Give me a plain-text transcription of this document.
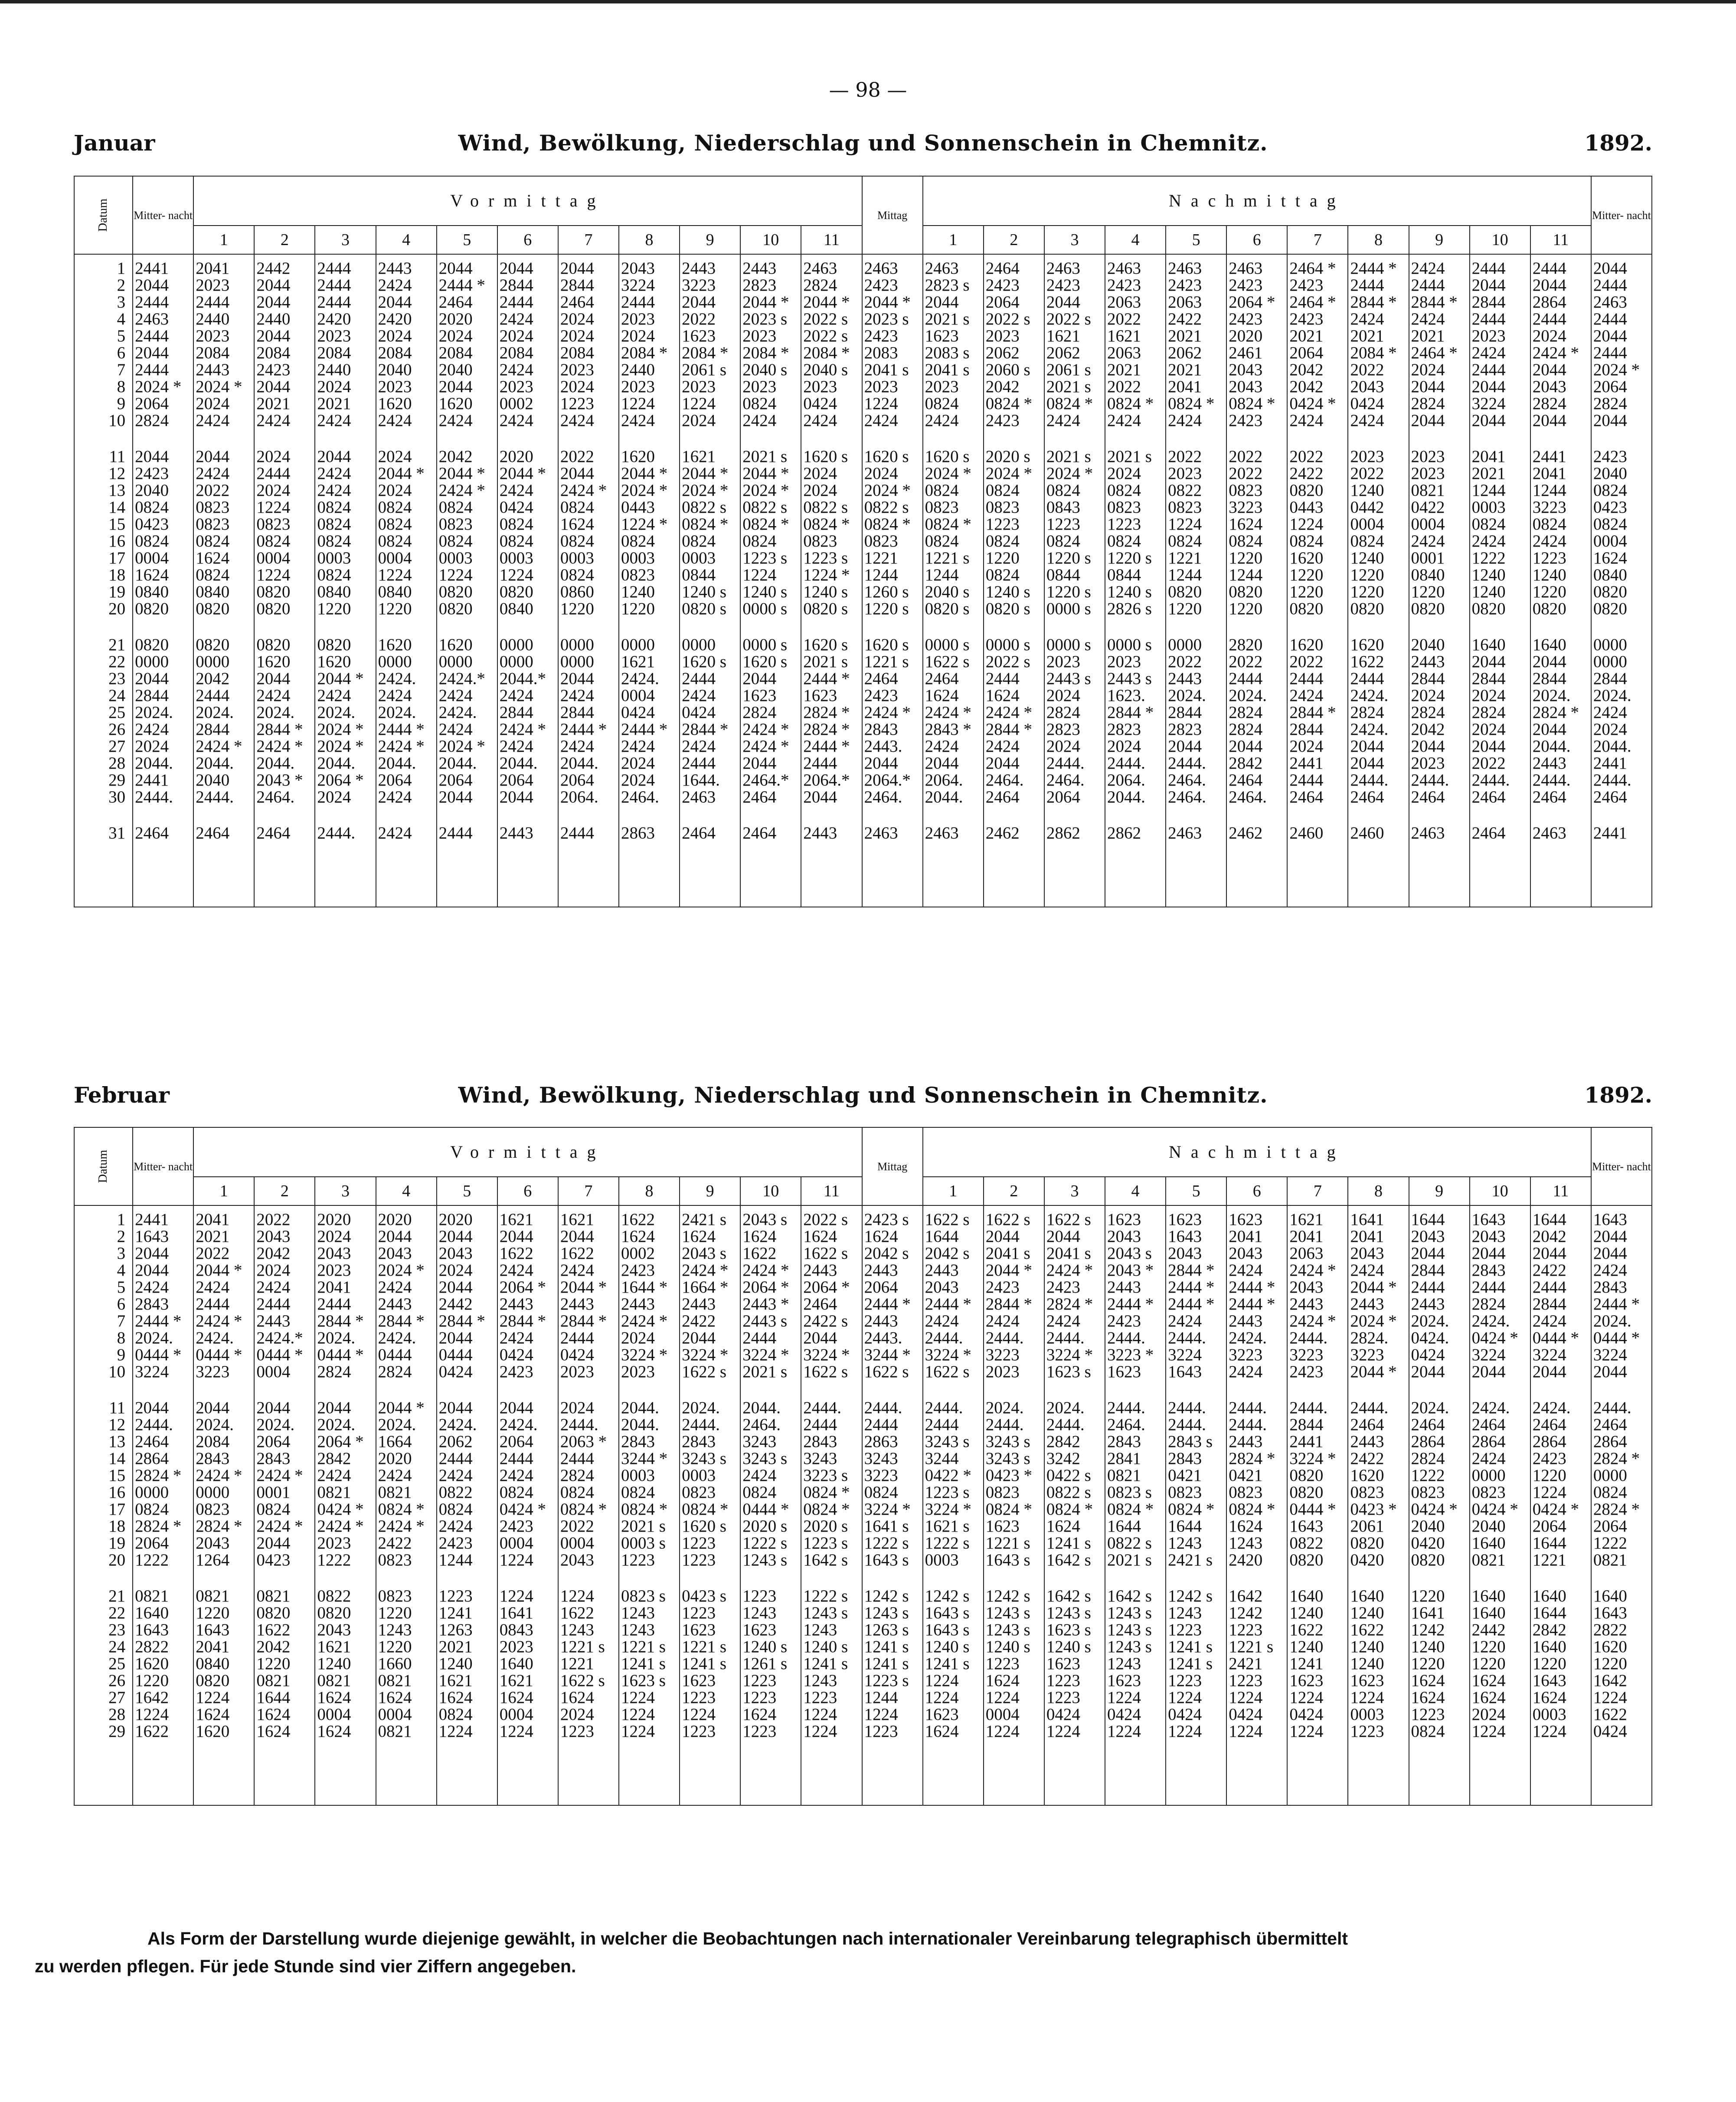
— 98 —
Januar	Wind, Bewölkung, Niederschlag und Sonnenschein in Chemnitz.	1892.
Datum	Mitter- nacht	Vormittag											Mittag	Nachmittag											Mitter- nacht
		1	2	3	4	5	6	7	8	9	10	11		1	2	3	4	5	6	7	8	9	10	11	
1	2441	2041	2442	2444	2443	2044	2044	2044	2043	2443	2443	2463	2463	2463	2464	2463	2463	2463	2463	2464 *	2444 *	2424	2444	2444	2044
2	2044	2023	2044	2444	2424	2444 *	2844	2844	3224	3223	2823	2824	2423	2823 s	2423	2423	2423	2423	2423	2423	2444	2444	2044	2044	2444
3	2444	2444	2044	2444	2044	2464	2444	2464	2444	2044	2044 *	2044 *	2044 *	2044	2064	2044	2063	2063	2064 *	2464 *	2844 *	2844 *	2844	2864	2463
4	2463	2440	2440	2420	2420	2020	2424	2024	2023	2022	2023 s	2022 s	2023 s	2021 s	2022 s	2022 s	2022	2422	2423	2423	2424	2424	2444	2444	2444
5	2444	2023	2044	2023	2024	2024	2024	2024	2024	1623	2023	2022 s	2423	1623	2023	1621	1621	2021	2020	2021	2021	2021	2023	2024	2044
6	2044	2084	2084	2084	2084	2084	2084	2084	2084 *	2084 *	2084 *	2084 *	2083	2083 s	2062	2062	2063	2062	2461	2064	2084 *	2464 *	2424	2424 *	2444
7	2444	2443	2423	2440	2040	2040	2424	2023	2440	2061 s	2040 s	2040 s	2041 s	2041 s	2060 s	2061 s	2021	2021	2043	2042	2022	2024	2444	2044	2024 *
8	2024 *	2024 *	2044	2024	2023	2044	2023	2024	2023	2023	2023	2023	2023	2023	2042	2021 s	2022	2041	2043	2042	2043	2044	2044	2043	2064
9	2064	2024	2021	2021	1620	1620	0002	1223	1224	1224	0824	0424	1224	0824	0824 *	0824 *	0824 *	0824 *	0824 *	0424 *	0424	2824	3224	2824	2824
10	2824	2424	2424	2424	2424	2424	2424	2424	2424	2024	2424	2424	2424	2424	2423	2424	2424	2424	2423	2424	2424	2044	2044	2044	2044

11	2044	2044	2024	2044	2024	2042	2020	2022	1620	1621	2021 s	1620 s	1620 s	1620 s	2020 s	2021 s	2021 s	2022	2022	2022	2023	2023	2041	2441	2423
12	2423	2424	2444	2424	2044 *	2044 *	2044 *	2044	2044 *	2044 *	2044 *	2024	2024	2024 *	2024 *	2024 *	2024	2023	2022	2422	2022	2023	2021	2041	2040
13	2040	2022	2024	2424	2024	2424 *	2424	2424 *	2024 *	2024 *	2024 *	2024	2024 *	0824	0824	0824	0824	0822	0823	0820	1240	0821	1244	1244	0824
14	0824	0823	1224	0824	0824	0824	0424	0824	0443	0822 s	0822 s	0822 s	0822 s	0823	0823	0843	0823	0823	3223	0443	0442	0422	0003	3223	0423
15	0423	0823	0823	0824	0824	0823	0824	1624	1224 *	0824 *	0824 *	0824 *	0824 *	0824 *	1223	1223	1223	1224	1624	1224	0004	0004	0824	0824	0824
16	0824	0824	0824	0824	0824	0824	0824	0824	0824	0824	0824	0823	0823	0824	0824	0824	0824	0824	0824	0824	0824	2424	2424	2424	0004
17	0004	1624	0004	0003	0004	0003	0003	0003	0003	0003	1223 s	1223 s	1221	1221 s	1220	1220 s	1220 s	1221	1220	1620	1240	0001	1222	1223	1624
18	1624	0824	1224	0824	1224	1224	1224	0824	0823	0844	1224	1224 *	1244	1244	0824	0844	0844	1244	1244	1220	1220	0840	1240	1240	0840
19	0840	0840	0820	0840	0840	0820	0820	0860	1240	1240 s	1240 s	1240 s	1260 s	2040 s	1240 s	1220 s	1240 s	0820	0820	1220	1220	1220	1240	1220	0820
20	0820	0820	0820	1220	1220	0820	0840	1220	1220	0820 s	0000 s	0820 s	1220 s	0820 s	0820 s	0000 s	2826 s	1220	1220	0820	0820	0820	0820	0820	0820

21	0820	0820	0820	0820	1620	1620	0000	0000	0000	0000	0000 s	1620 s	1620 s	0000 s	0000 s	0000 s	0000 s	0000	2820	1620	1620	2040	1640	1640	0000
22	0000	0000	1620	1620	0000	0000	0000	0000	1621	1620 s	1620 s	2021 s	1221 s	1622 s	2022 s	2023	2023	2022	2022	2022	1622	2443	2044	2044	0000
23	2044	2042	2044	2044 *	2424.	2424.*	2044.*	2044	2424.	2444	2044	2444 *	2464	2464	2444	2443 s	2443 s	2443	2444	2444	2444	2844	2844	2844	2844
24	2844	2444	2424	2424	2424	2424	2424	2424	0004	2424	1623	1623	2423	1624	1624	2024	1623.	2024.	2024.	2424	2424.	2024	2024	2024.	2024.
25	2024.	2024.	2024.	2024.	2024.	2424.	2844	2844	0424	0424	2824	2824 *	2424 *	2424 *	2424 *	2824	2844 *	2844	2824	2844 *	2824	2824	2824	2824 *	2424
26	2424	2844	2844 *	2024 *	2444 *	2424	2424 *	2444 *	2444 *	2844 *	2424 *	2824 *	2843	2843 *	2844 *	2823	2823	2823	2824	2844	2424.	2042	2024	2044	2024
27	2024	2424 *	2424 *	2024 *	2424 *	2024 *	2424	2424	2424	2424	2424 *	2444 *	2443.	2424	2424	2024	2024	2044	2044	2024	2044	2044	2044	2044.	2044.
28	2044.	2044.	2044.	2044.	2044.	2044.	2044.	2044.	2024	2444	2044	2444	2044	2044	2044	2444.	2444.	2444.	2842	2441	2044	2023	2022	2443	2441
29	2441	2040	2043 *	2064 *	2064	2064	2064	2064	2024	1644.	2464.*	2064.*	2064.*	2064.	2464.	2464.	2064.	2464.	2464	2444	2444.	2444.	2444.	2444.	2444.
30	2444.	2444.	2464.	2024	2424	2044	2044	2064.	2464.	2463	2464	2044	2464.	2044.	2464	2064	2044.	2464.	2464.	2464	2464	2464	2464	2464	2464

31	2464	2464	2464	2444.	2424	2444	2443	2444	2863	2464	2464	2443	2463	2463	2462	2862	2862	2463	2462	2460	2460	2463	2464	2463	2441

Februar	Wind, Bewölkung, Niederschlag und Sonnenschein in Chemnitz.	1892.
Datum	Mitter- nacht	Vormittag											Mittag	Nachmittag											Mitter- nacht
		1	2	3	4	5	6	7	8	9	10	11		1	2	3	4	5	6	7	8	9	10	11	
1	2441	2041	2022	2020	2020	2020	1621	1621	1622	2421 s	2043 s	2022 s	2423 s	1622 s	1622 s	1622 s	1623	1623	1623	1621	1641	1644	1643	1644	1643
2	1643	2021	2043	2024	2044	2044	2044	2044	1624	1624	1624	1624	1624	1644	2044	2044	2043	1643	2041	2041	2041	2043	2043	2042	2044
3	2044	2022	2042	2043	2043	2043	1622	1622	0002	2043 s	1622	1622 s	2042 s	2042 s	2041 s	2041 s	2043 s	2043	2043	2063	2043	2044	2044	2044	2044
4	2044	2044 *	2024	2023	2024 *	2024	2424	2424	2423	2424 *	2424 *	2443	2443	2443	2044 *	2424 *	2043 *	2844 *	2424	2424 *	2424	2844	2843	2422	2424
5	2424	2424	2424	2041	2424	2044	2064 *	2044 *	1644 *	1664 *	2064 *	2064 *	2064	2043	2423	2423	2443	2444 *	2444 *	2043	2044 *	2444	2444	2444	2843
6	2843	2444	2444	2444	2443	2442	2443	2443	2443	2443	2443 *	2464	2444 *	2444 *	2844 *	2824 *	2444 *	2444 *	2444 *	2443	2443	2443	2824	2844	2444 *
7	2444 *	2424 *	2443	2844 *	2844 *	2844 *	2844 *	2844 *	2424 *	2422	2443 s	2422 s	2443	2424	2424	2424	2423	2424	2443	2424 *	2024 *	2024.	2424.	2424	2024.
8	2024.	2424.	2424.*	2024.	2424.	2044	2424	2444	2024	2044	2444	2044	2443.	2444.	2444.	2444.	2444.	2444.	2424.	2444.	2824.	0424.	0424 *	0444 *	0444 *
9	0444 *	0444 *	0444 *	0444 *	0444	0444	0424	0424	3224 *	3224 *	3224 *	3224 *	3244 *	3224 *	3223	3224 *	3223 *	3224	3223	3223	3223	0424	3224	3224	3224
10	3224	3223	0004	2824	2824	0424	2423	2023	2023	1622 s	2021 s	1622 s	1622 s	1622 s	2023	1623 s	1623	1643	2424	2423	2044 *	2044	2044	2044	2044

11	2044	2044	2044	2044	2044 *	2044	2044	2024	2044.	2024.	2044.	2444.	2444.	2444.	2024.	2024.	2444.	2444.	2444.	2444.	2444.	2024.	2424.	2424.	2444.
12	2444.	2024.	2024.	2024.	2024.	2424.	2424.	2444.	2044.	2444.	2464.	2444	2444	2444	2444.	2444.	2464.	2444.	2444.	2844	2464	2464	2464	2464	2464
13	2464	2084	2064	2064 *	1664	2062	2064	2063 *	2843	2843	3243	2843	2863	3243 s	3243 s	2842	2843	2843 s	2443	2441	2443	2864	2864	2864	2864
14	2864	2843	2843	2842	2020	2444	2444	2444	3244 *	3243 s	3243 s	3243	3243	3244	3243 s	3242	2841	2843	2824 *	3224 *	2422	2824	2424	2423	2824 *
15	2824 *	2424 *	2424 *	2424	2424	2424	2424	2824	0003	0003	2424	3223 s	3223	0422 *	0423 *	0422 s	0821	0421	0421	0820	1620	1222	0000	1220	0000
16	0000	0000	0001	0821	0821	0822	0824	0824	0824	0823	0824	0824 *	0824	1223 s	0823	0822 s	0823 s	0823	0823	0820	0823	0823	0823	1224	0824
17	0824	0823	0824	0424 *	0824 *	0824	0424 *	0824 *	0824 *	0824 *	0444 *	0824 *	3224 *	3224 *	0824 *	0824 *	0824 *	0824 *	0824 *	0444 *	0423 *	0424 *	0424 *	0424 *	2824 *
18	2824 *	2824 *	2424 *	2424 *	2424 *	2424	2423	2022	2021 s	1620 s	2020 s	2020 s	1641 s	1621 s	1623	1624	1644	1644	1624	1643	2061	2040	2040	2064	2064
19	2064	2043	2044	2023	2422	2423	0004	0004	0003 s	1223	1222 s	1223 s	1222 s	1222 s	1221 s	1241 s	0822 s	1243	1243	0822	0820	0420	1640	1644	1222
20	1222	1264	0423	1222	0823	1244	1224	2043	1223	1223	1243 s	1642 s	1643 s	0003	1643 s	1642 s	2021 s	2421 s	2420	0820	0420	0820	0821	1221	0821

21	0821	0821	0821	0822	0823	1223	1224	1224	0823 s	0423 s	1223	1222 s	1242 s	1242 s	1242 s	1642 s	1642 s	1242 s	1642	1640	1640	1220	1640	1640	1640
22	1640	1220	0820	0820	1220	1241	1641	1622	1243	1223	1243	1243 s	1243 s	1643 s	1243 s	1243 s	1243 s	1243	1242	1240	1240	1641	1640	1644	1643
23	1643	1643	1622	2043	1243	1263	0843	1243	1243	1623	1623	1243	1263 s	1643 s	1243 s	1623 s	1243 s	1223	1223	1622	1622	1242	2442	2842	2822
24	2822	2041	2042	1621	1220	2021	2023	1221 s	1221 s	1221 s	1240 s	1240 s	1241 s	1240 s	1240 s	1240 s	1243 s	1241 s	1221 s	1240	1240	1240	1220	1640	1620
25	1620	0840	1220	1240	1660	1240	1640	1221	1241 s	1241 s	1261 s	1241 s	1241 s	1241 s	1223	1623	1243	1241 s	2421	1241	1240	1220	1220	1220	1220
26	1220	0820	0821	0821	0821	1621	1621	1622 s	1623 s	1623	1223	1243	1223 s	1224	1624	1223	1623	1223	1223	1623	1623	1624	1624	1643	1642
27	1642	1224	1644	1624	1624	1624	1624	1624	1224	1223	1223	1223	1244	1224	1224	1223	1224	1224	1224	1224	1224	1624	1624	1624	1224
28	1224	1624	1624	0004	0004	0824	0004	2024	1224	1224	1624	1224	1224	1623	0004	0424	0424	0424	0424	0424	0003	1223	2024	0003	1622
29	1622	1620	1624	1624	0821	1224	1224	1223	1224	1223	1223	1224	1223	1624	1224	1224	1224	1224	1224	1224	1223	0824	1224	1224	0424

Als Form der Darstellung wurde diejenige gewählt, in welcher die Beobachtungen nach internationaler Vereinbarung telegraphisch übermittelt
zu werden pflegen. Für jede Stunde sind vier Ziffern angegeben.
